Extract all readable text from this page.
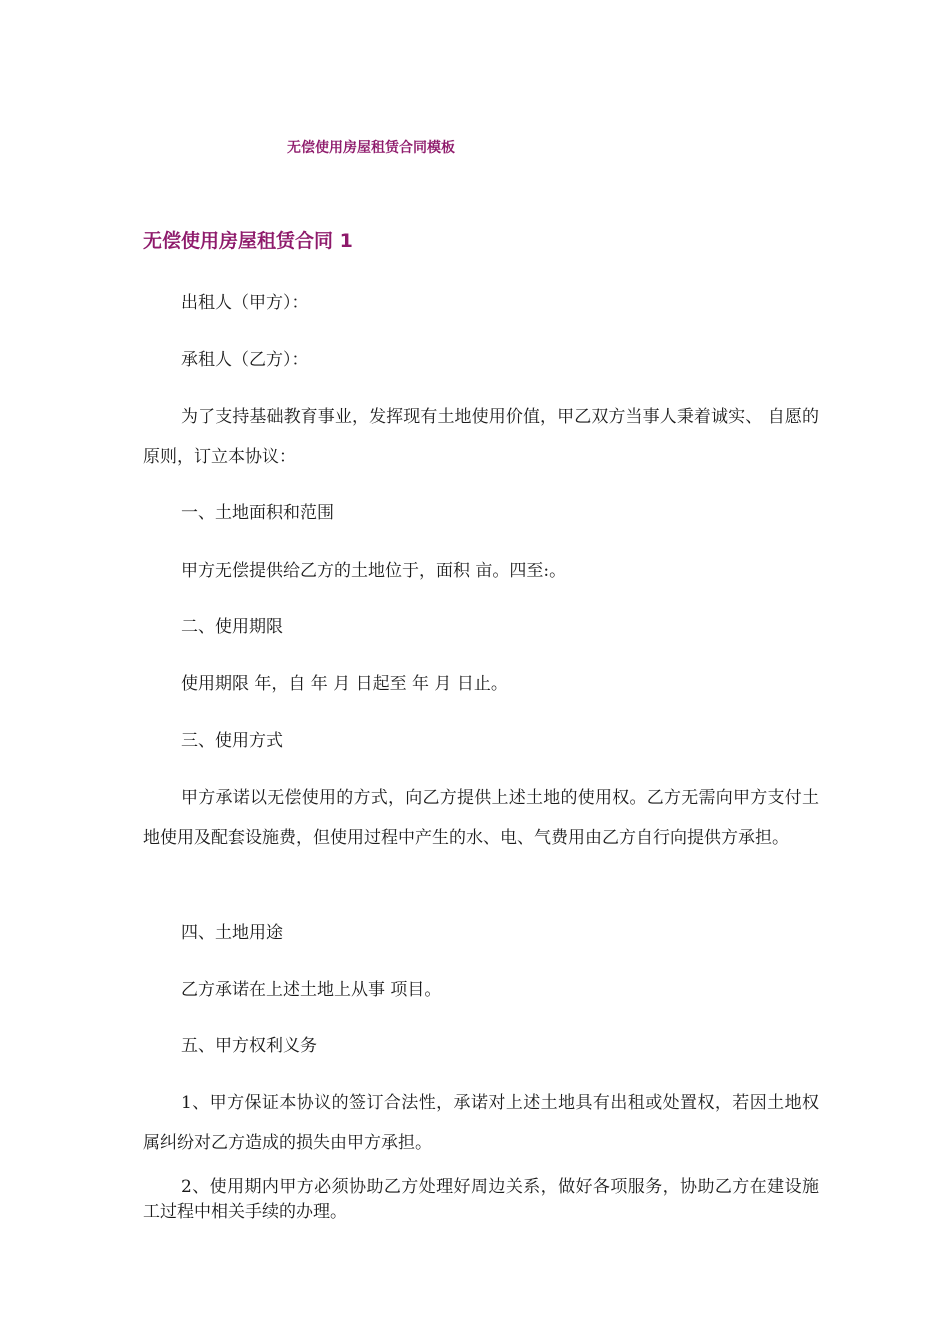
无偿使用房屋租赁合同模板
无偿使用房屋租赁合同 1

出租人（甲方）：

承租人（乙方）：

为了支持基础教育事业，发挥现有土地使用价值，甲乙双方当事人秉着诚实、 自愿的原则，订立本协议：

一、土地面积和范围

甲方无偿提供给乙方的土地位于，面积 亩。四至:。

二、使用期限

使用期限 年，自 年 月 日起至 年 月 日止。

三、使用方式

甲方承诺以无偿使用的方式，向乙方提供上述土地的使用权。乙方无需向甲方支付土地使用及配套设施费，但使用过程中产生的水、电、气费用由乙方自行向提供方承担。

四、土地用途

乙方承诺在上述土地上从事 项目。

五、甲方权利义务

1、甲方保证本协议的签订合法性，承诺对上述土地具有出租或处置权，若因土地权属纠纷对乙方造成的损失由甲方承担。

2、使用期内甲方必须协助乙方处理好周边关系，做好各项服务，协助乙方在建设施工过程中相关手续的办理。
